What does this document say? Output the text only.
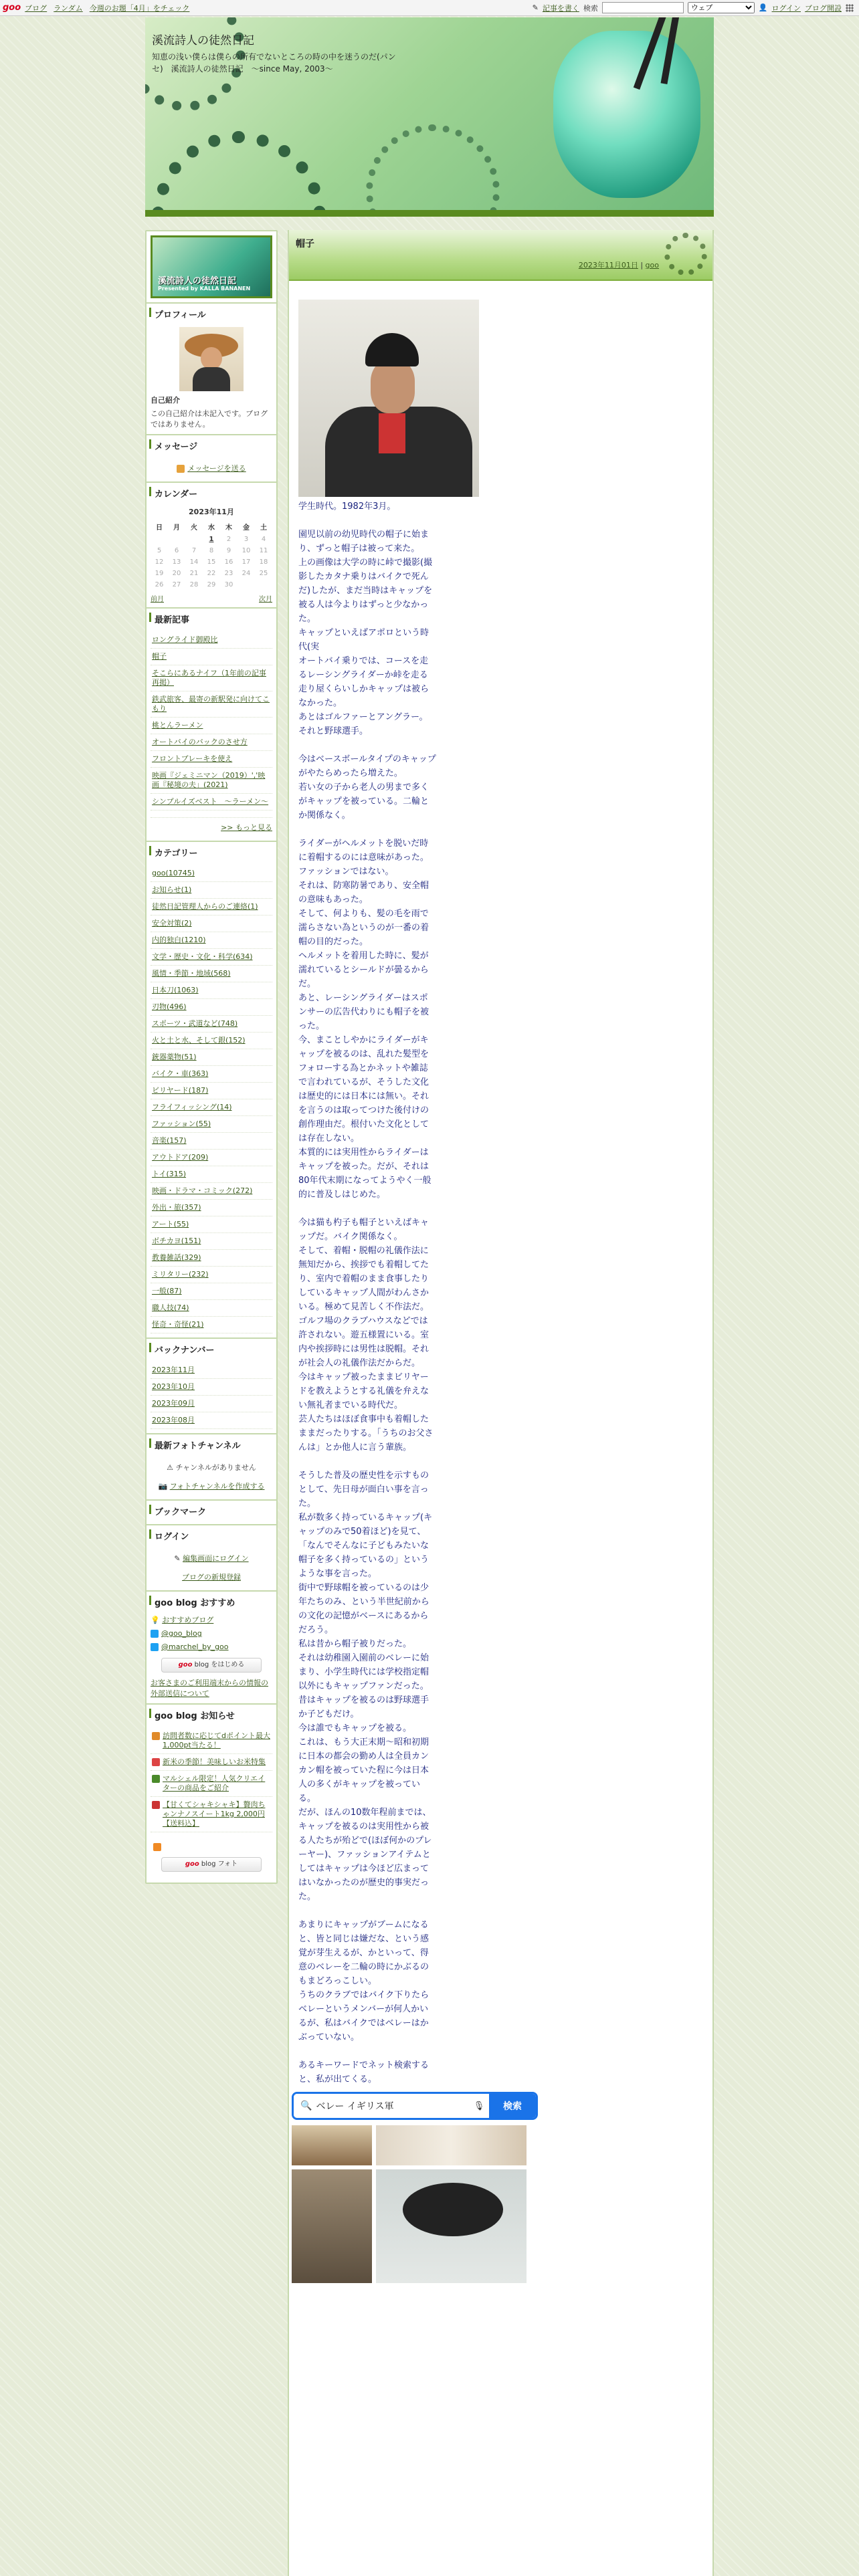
goo ブログ ランダム 今週のお題「4月」をチェック	✎ 記事を書く 検索
ウェブ	👤 ログイン ブログ開設
溪流詩人の徒然日記
知恵の浅い僕らは僕らの所有でないところの時の中を迷うのだ(パンセ)　溪流詩人の徒然日記　〜since May, 2003〜
溪流詩人の徒然日記
Presented by KALLA BANANEN
プロフィール
自己紹介
この自己紹介は未記入です。ブログではありません。
メッセージ
メッセージを送る
カレンダー
2023年11月
日	月	火	水	木	金	土
			1	2	3	4
5	6	7	8	9	10	11
12	13	14	15	16	17	18
19	20	21	22	23	24	25
26	27	28	29	30		
前月	次月
最新記事
ロングライド御殿比
帽子
そこらにあるナイフ（1年前の記事再掲）
鉄武旅客、最寄の新駅発に向けてこもり
桃とんラーメン
オートバイのバックのさせ方
フロントブレーキを使え
映画『ジェミニマン（2019）','映画『秘境の夫」(2021)
シンプルイズベスト　〜ラーメン〜
>> もっと見る
カテゴリー
goo(10745)
お知らせ(1)
徒然日記管理人からのご連絡(1)
安全対策(2)
内的独白(1210)
文学・歴史・文化・科学(634)
風情・季節・地域(568)
日本刀(1063)
刃物(496)
スポーツ・武道など(748)
火と土と水、そして銀(152)
銃器薬物(51)
バイク・車(363)
ビリヤード(187)
フライフィッシング(14)
ファッション(55)
音楽(157)
アウトドア(209)
トイ(315)
映画・ドラマ・コミック(272)
外出・旅(357)
アート(55)
ボチカヨ(151)
教養雑話(329)
ミリタリー(232)
一般(87)
職人技(74)
怪奇・奇怪(21)
バックナンバー
2023年11月
2023年10月
2023年09月
2023年08月
最新フォトチャンネル
⚠ チャンネルがありません
📷 フォトチャンネルを作成する
ブックマーク
ログイン
✎ 編集画面にログイン
ブログの新規登録
goo blog おすすめ
💡 おすすめブログ
@goo_blog
@marchel_by_goo
goo blog をはじめる
お客さまのご利用端末からの情報の外部送信について
goo blog お知らせ
訪問者数に応じてdポイント最大1,000pt当たる！
新米の季節！美味しいお米特集
マルシェル限定！人気クリエイターの商品をご紹介
【甘くてシャキシャキ】贅肉ちゃンナノスイート1kg 2,000円【送料込】
goo blog フォト
帽子
2023年11月01日 | goo

学生時代。1982年3月。

園児以前の幼児時代の帽子に始まり、ずっと帽子は被って来た。
上の画像は大学の時に峠で撮影(撮影したカタナ乗りはバイクで死んだ)したが、まだ当時はキャップを被る人は今よりはずっと少なかった。
キャップといえばアポロという時代(実
オートバイ乗りでは、コースを走るレーシングライダーか峠を走る走り屋くらいしかキャップは被らなかった。
あとはゴルファーとアングラー。それと野球選手。

今はベースボールタイプのキャップがやたらめったら増えた。
若い女の子から老人の男まで多くがキャップを被っている。二輪とか関係なく。

ライダーがヘルメットを脱いだ時に着帽するのには意味があった。ファッションではない。
それは、防寒防暑であり、安全帽の意味もあった。
そして、何よりも、髪の毛を雨で濡らさない為というのが一番の着帽の目的だった。
ヘルメットを着用した時に、髪が濡れているとシールドが曇るからだ。
あと、レーシングライダーはスポンサーの広告代わりにも帽子を被った。
今、まことしやかにライダーがキャップを被るのは、乱れた髪型をフォローする為とかネットや雑誌で言われているが、そうした文化は歴史的には日本には無い。それを言うのは取ってつけた後付けの創作理由だ。根付いた文化としては存在しない。
本質的には実用性からライダーはキャップを被った。だが、それは80年代末期になってようやく一般的に普及しはじめた。

今は猫も杓子も帽子といえばキャップだ。バイク関係なく。
そして、着帽・脱帽の礼儀作法に無知だから、挨拶でも着帽してたり、室内で着帽のまま食事したりしているキャップ人間がわんさかいる。極めて見苦しく不作法だ。ゴルフ場のクラブハウスなどでは許されない。遊五様置にいる。室内や挨拶時には男性は脱帽。それが社会人の礼儀作法だからだ。
今はキャップ被ったままビリヤードを教えようとする礼儀を弁えない無礼者までいる時代だ。
芸人たちはほぼ食事中も着帽したままだったりする。「うちのお父さんは」とか他人に言う輩族。

そうした普及の歴史性を示すものとして、先日母が面白い事を言った。
私が数多く持っているキャップ(キャップのみで50着ほど)を見て、「なんでそんなに子どもみたいな帽子を多く持っているの」というような事を言った。
街中で野球帽を被っているのは少年たちのみ、という半世紀前からの文化の記憶がベースにあるからだろう。
私は昔から帽子被りだった。
それは幼稚園入園前のベレーに始まり、小学生時代には学校指定帽以外にもキャップファンだった。昔はキャップを被るのは野球選手か子どもだけ。
今は誰でもキャップを被る。
これは、もう大正末期〜昭和初期に日本の都会の勤め人は全員カンカン帽を被っていた程に今は日本人の多くがキャップを被っている。
だが、ほんの10数年程前までは、キャップを被るのは実用性から被る人たちが殆どで(ほぼ何かのプレーヤー)、ファッションアイテムとしてはキャップは今ほど広まってはいなかったのが歴史的事実だった。

あまりにキャップがブームになると、皆と同じは嫌だな、という感覚が芽生えるが、かといって、得意のベレーを二輪の時にかぶるのもまどろっこしい。
うちのクラブではバイク下りたらベレーというメンバーが何人かいるが、私はバイクではベレーはかぶっていない。

あるキーワードでネット検索すると、私が出てくる。

🔍 ベレー イギリス軍	🎙	検索
